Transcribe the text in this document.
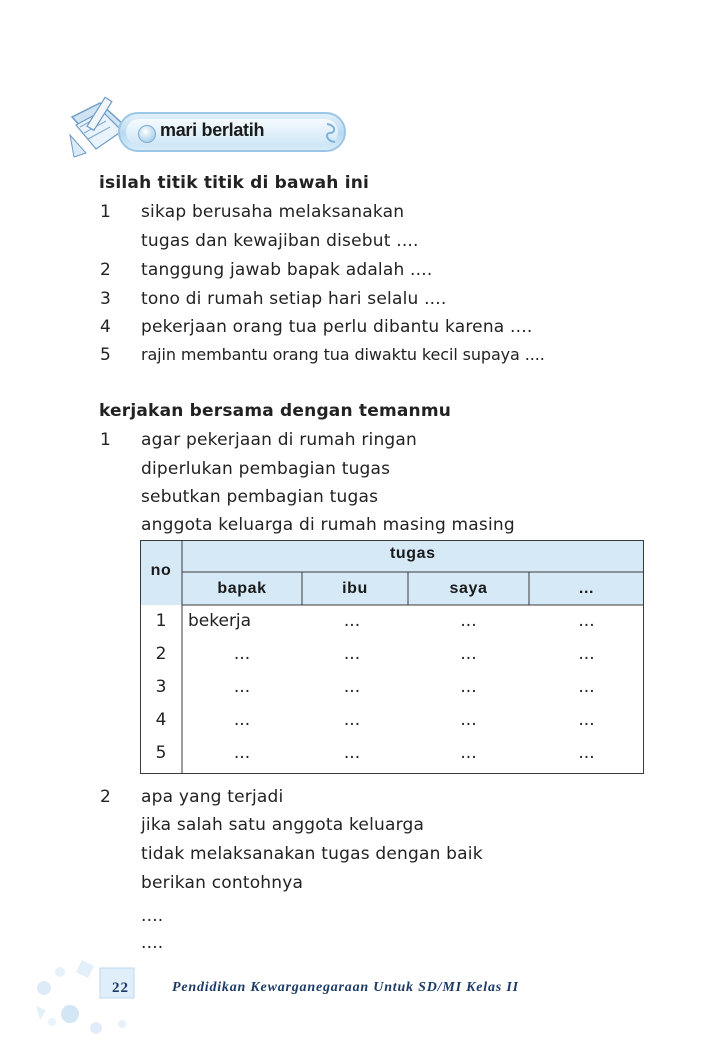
mari berlatih
isilah titik titik di bawah ini
1 sikap berusaha melaksanakan
tugas dan kewajiban disebut ....
2 tanggung jawab bapak adalah ....
3 tono di rumah setiap hari selalu ....
4 pekerjaan orang tua perlu dibantu karena ....
5 rajin membantu orang tua diwaktu kecil supaya ....
kerjakan bersama dengan temanmu
1 agar pekerjaan di rumah ringan
diperlukan pembagian tugas
sebutkan pembagian tugas
anggota keluarga di rumah masing masing
no
tugas
bapak	ibu	saya	...
1	bekerja	...	...	...
2	...	...	...	...
3	...	...	...	...
4	...	...	...	...
5	...	...	...	...
2 apa yang terjadi
jika salah satu anggota keluarga
tidak melaksanakan tugas dengan baik
berikan contohnya
....
....
22	Pendidikan Kewarganegaraan Untuk SD/MI Kelas II
